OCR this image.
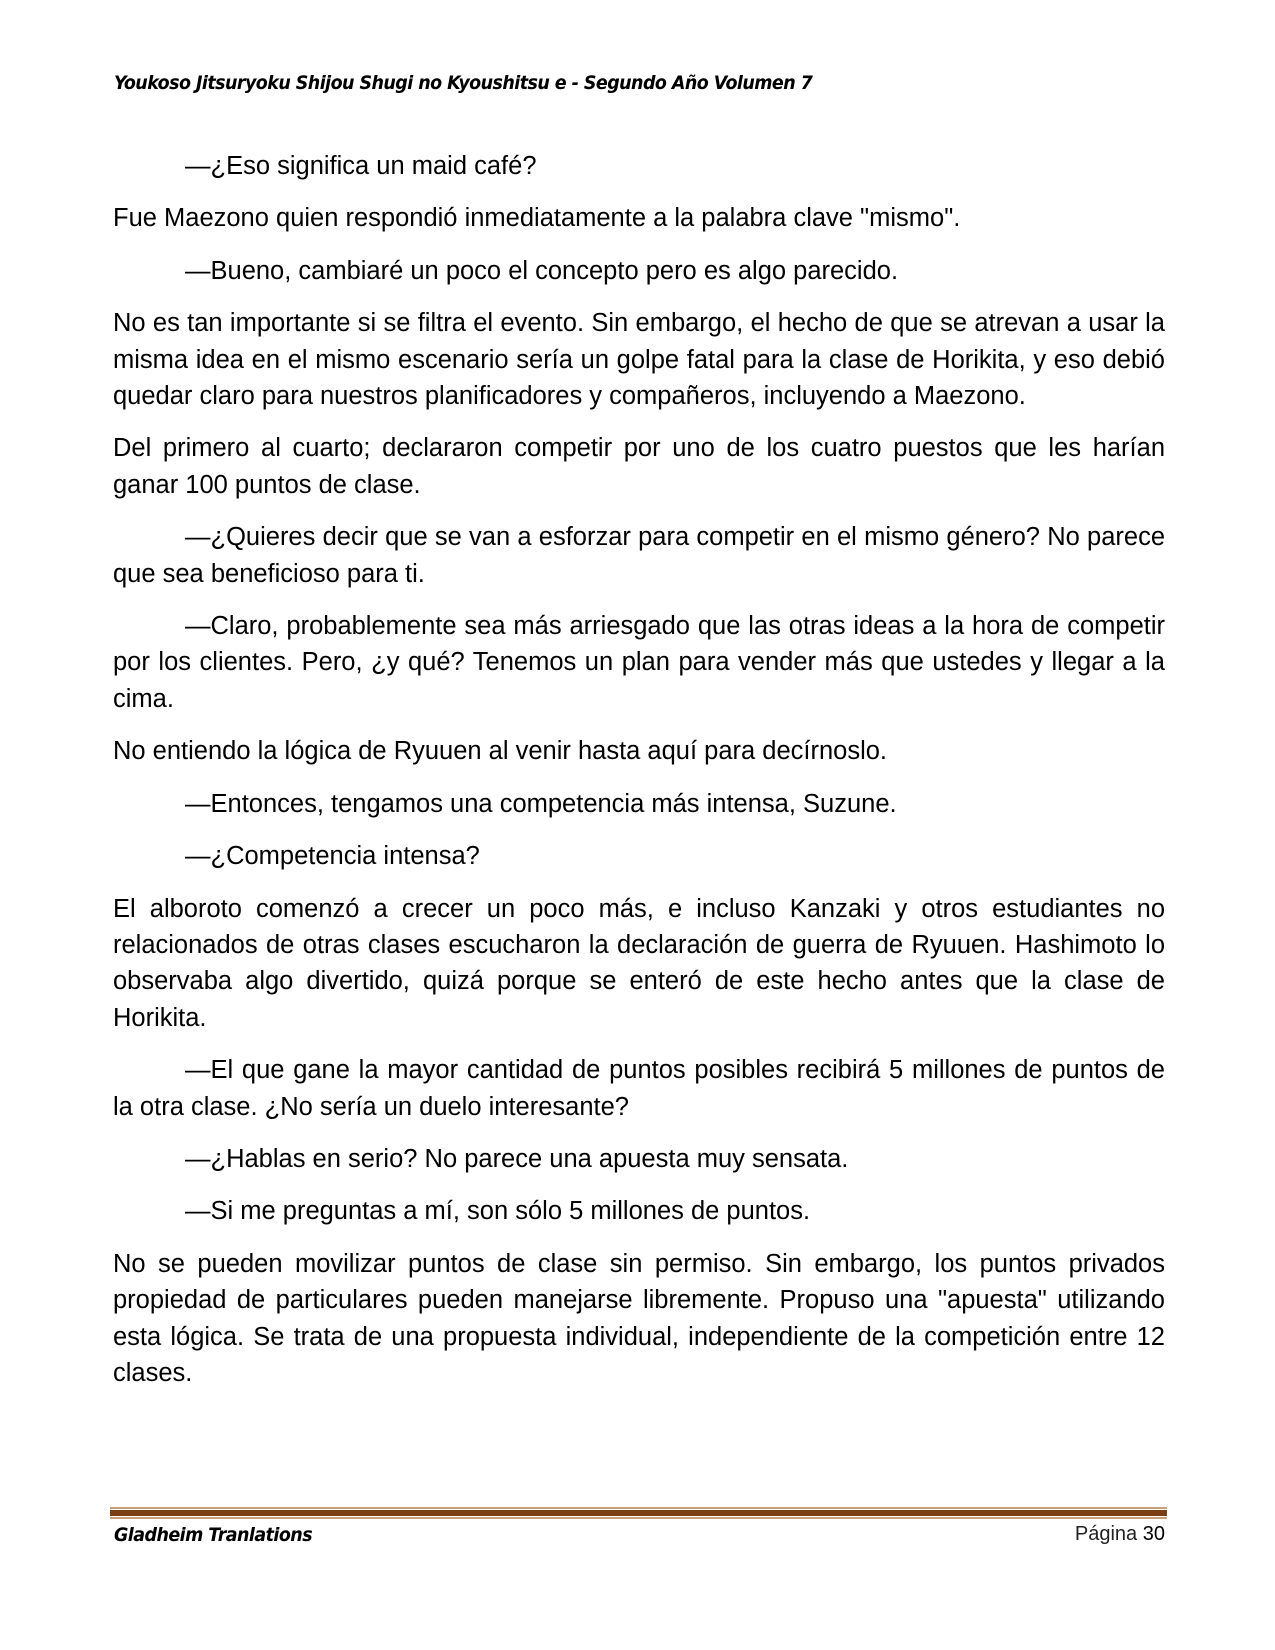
Youkoso Jitsuryoku Shijou Shugi no Kyoushitsu e - Segundo Año Volumen 7

—¿Eso significa un maid café?

Fue Maezono quien respondió inmediatamente a la palabra clave "mismo".

—Bueno, cambiaré un poco el concepto pero es algo parecido.

No es tan importante si se filtra el evento. Sin embargo, el hecho de que se atrevan a usar la misma idea en el mismo escenario sería un golpe fatal para la clase de Horikita, y eso debió quedar claro para nuestros planificadores y compañeros, incluyendo a Maezono.

Del primero al cuarto; declararon competir por uno de los cuatro puestos que les harían ganar 100 puntos de clase.

—¿Quieres decir que se van a esforzar para competir en el mismo género? No parece que sea beneficioso para ti.

—Claro, probablemente sea más arriesgado que las otras ideas a la hora de competir por los clientes. Pero, ¿y qué? Tenemos un plan para vender más que ustedes y llegar a la cima.

No entiendo la lógica de Ryuuen al venir hasta aquí para decírnoslo.

—Entonces, tengamos una competencia más intensa, Suzune.

—¿Competencia intensa?

El alboroto comenzó a crecer un poco más, e incluso Kanzaki y otros estudiantes no relacionados de otras clases escucharon la declaración de guerra de Ryuuen. Hashimoto lo observaba algo divertido, quizá porque se enteró de este hecho antes que la clase de Horikita.

—El que gane la mayor cantidad de puntos posibles recibirá 5 millones de puntos de la otra clase. ¿No sería un duelo interesante?

—¿Hablas en serio? No parece una apuesta muy sensata.

—Si me preguntas a mí, son sólo 5 millones de puntos.

No se pueden movilizar puntos de clase sin permiso. Sin embargo, los puntos privados propiedad de particulares pueden manejarse libremente. Propuso una "apuesta" utilizando esta lógica. Se trata de una propuesta individual, independiente de la competición entre 12 clases.

Gladheim Tranlations	Página 30
